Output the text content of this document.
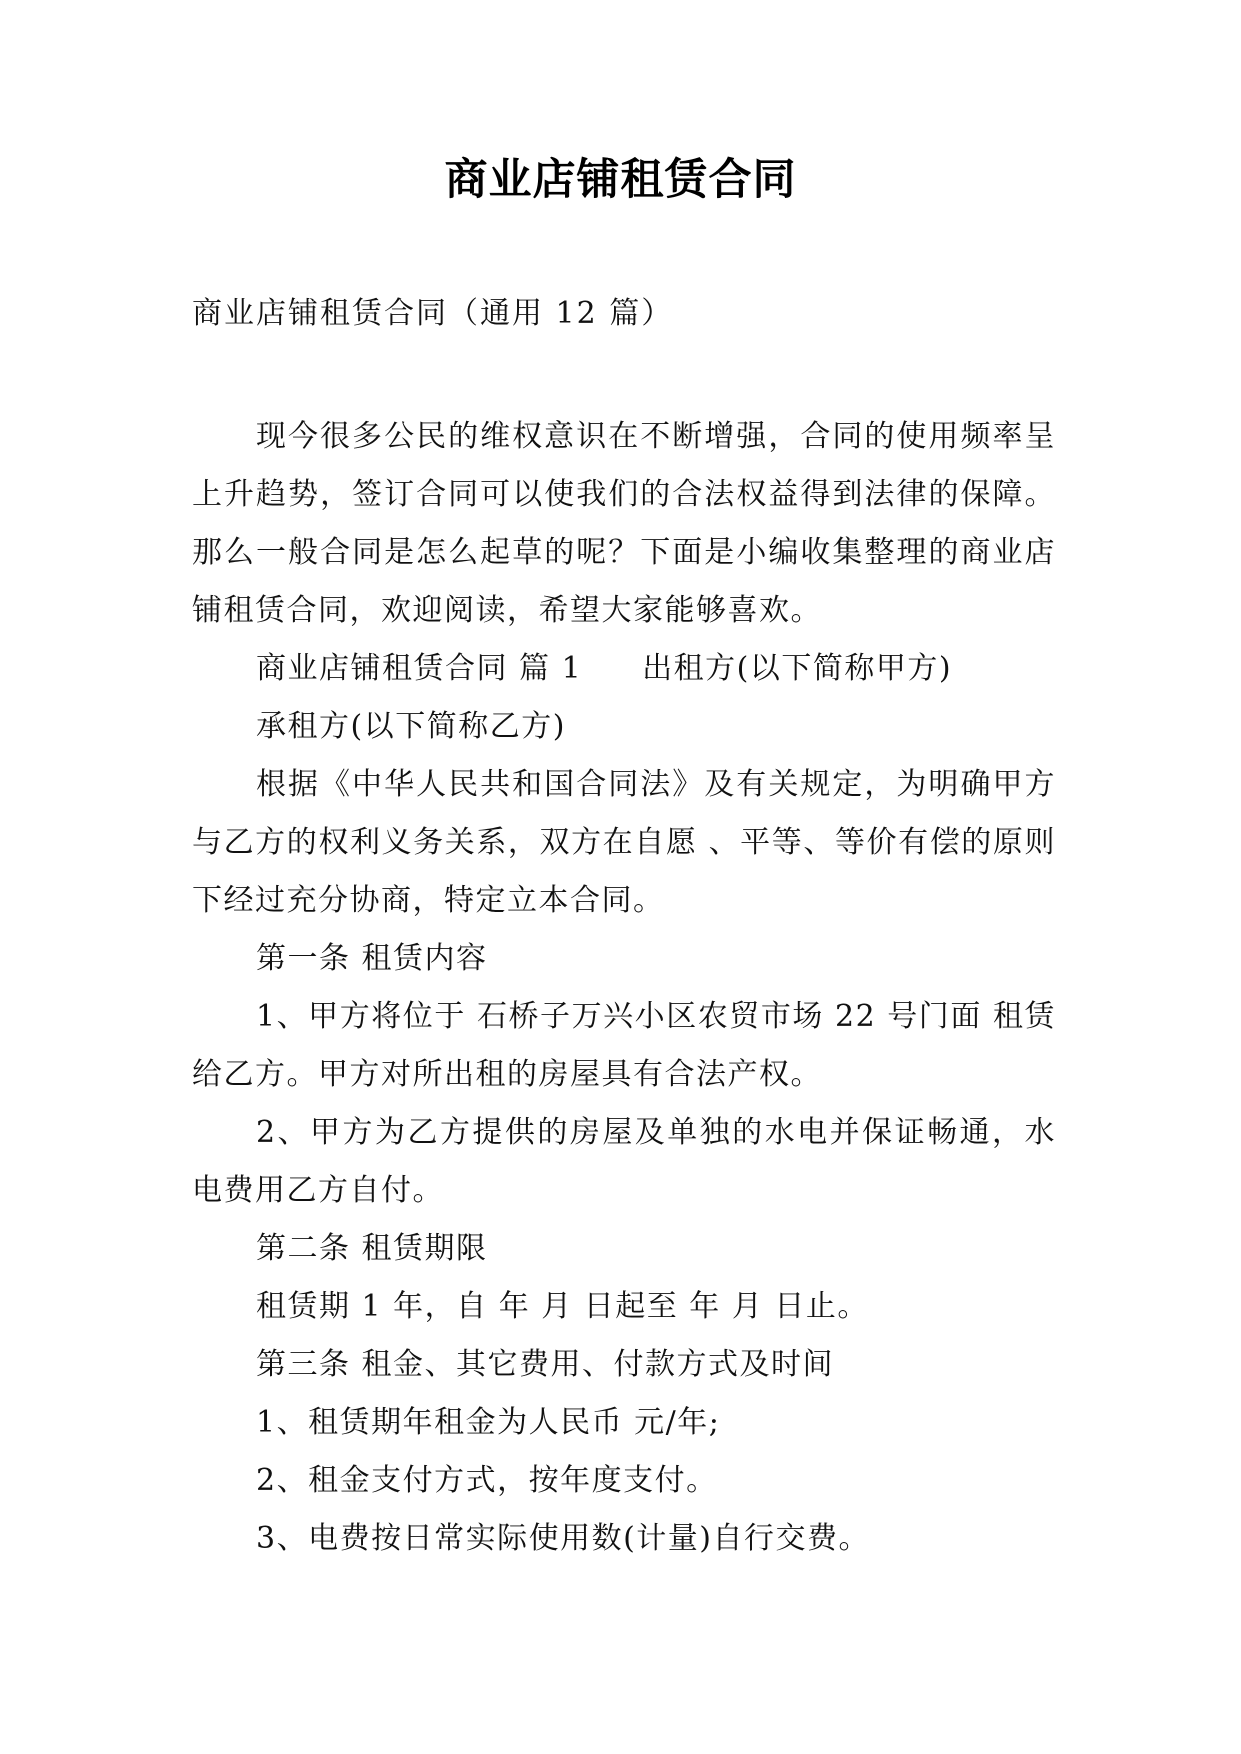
商业店铺租赁合同
商业店铺租赁合同（通用 12 篇）

现今很多公民的维权意识在不断增强，合同的使用频率呈上升趋势，签订合同可以使我们的合法权益得到法律的保障。那么一般合同是怎么起草的呢？下面是小编收集整理的商业店铺租赁合同，欢迎阅读，希望大家能够喜欢。

商业店铺租赁合同 篇 1 出租方(以下简称甲方)

承租方(以下简称乙方)

根据《中华人民共和国合同法》及有关规定，为明确甲方与乙方的权利义务关系，双方在自愿 、平等、等价有偿的原则下经过充分协商，特定立本合同。

第一条 租赁内容

1、甲方将位于 石桥子万兴小区农贸市场 22 号门面 租赁给乙方。甲方对所出租的房屋具有合法产权。

2、甲方为乙方提供的房屋及单独的水电并保证畅通，水电费用乙方自付。

第二条 租赁期限

租赁期 1 年，自 年 月 日起至 年 月 日止。

第三条 租金、其它费用、付款方式及时间

1、租赁期年租金为人民币 元/年;

2、租金支付方式，按年度支付。

3、电费按日常实际使用数(计量)自行交费。
